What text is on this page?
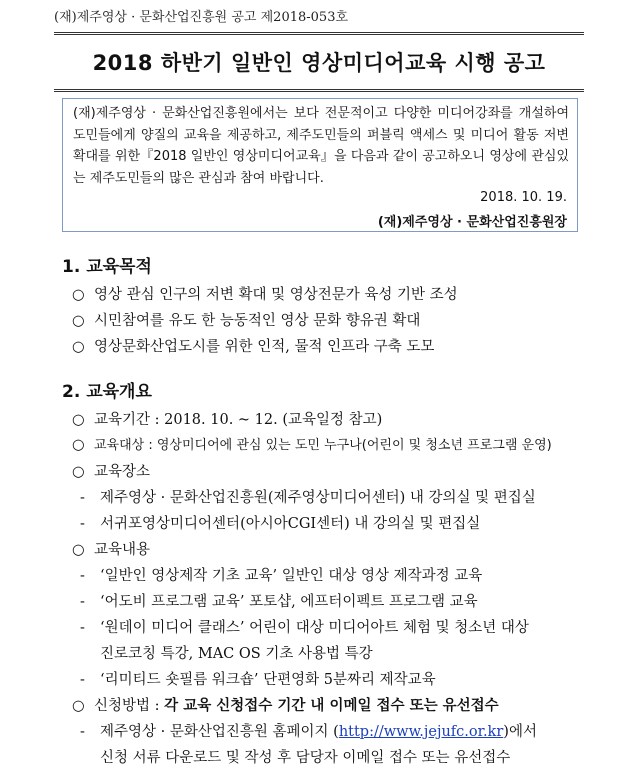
(재)제주영상 · 문화산업진흥원 공고 제2018-053호
2018 하반기 일반인 영상미디어교육 시행 공고
(재)제주영상 · 문화산업진흥원에서는 보다 전문적이고 다양한 미디어강좌를 개설하여 도민들에게 양질의 교육을 제공하고, 제주도민들의 퍼블릭 액세스 및 미디어 활동 저변확대를 위한『2018 일반인 영상미디어교육』을 다음과 같이 공고하오니 영상에 관심있는 제주도민들의 많은 관심과 참여 바랍니다.
2018. 10. 19.
(재)제주영상 · 문화산업진흥원장
1. 교육목적
○ 영상 관심 인구의 저변 확대 및 영상전문가 육성 기반 조성
○ 시민참여를 유도 한 능동적인 영상 문화 향유권 확대
○ 영상문화산업도시를 위한 인적, 물적 인프라 구축 도모
2. 교육개요
○ 교육기간 : 2018. 10. ~ 12. (교육일정 참고)
○ 교육대상 : 영상미디어에 관심 있는 도민 누구나(어린이 및 청소년 프로그램 운영)
○ 교육장소
- 제주영상 · 문화산업진흥원(제주영상미디어센터) 내 강의실 및 편집실
- 서귀포영상미디어센터(아시아CGI센터) 내 강의실 및 편집실
○ 교육내용
- ‘일반인 영상제작 기초 교육’ 일반인 대상 영상 제작과정 교육
- ‘어도비 프로그램 교육’ 포토샵, 에프터이펙트 프로그램 교육
- ‘원데이 미디어 클래스’ 어린이 대상 미디어아트 체험 및 청소년 대상
진로코칭 특강, MAC OS 기초 사용법 특강
- ‘리미티드 숏필름 워크숍’ 단편영화 5분짜리 제작교육
○ 신청방법 : 각 교육 신청접수 기간 내 이메일 접수 또는 유선접수
- 제주영상 · 문화산업진흥원 홈페이지 (http://www.jejufc.or.kr)에서
신청 서류 다운로드 및 작성 후 담당자 이메일 접수 또는 유선접수
